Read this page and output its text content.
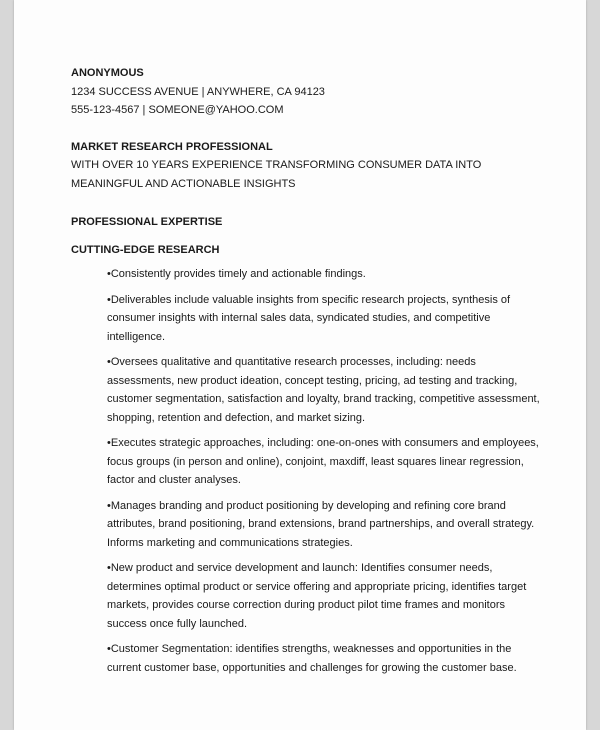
ANONYMOUS

1234 SUCCESS AVENUE | ANYWHERE, CA 94123

555-123-4567 | SOMEONE@YAHOO.COM

MARKET RESEARCH PROFESSIONAL

WITH OVER 10 YEARS EXPERIENCE TRANSFORMING CONSUMER DATA INTO MEANINGFUL AND ACTIONABLE INSIGHTS

PROFESSIONAL EXPERTISE
CUTTING-EDGE RESEARCH
•Consistently provides timely and actionable findings.
•Deliverables include valuable insights from specific research projects, synthesis of consumer insights with internal sales data, syndicated studies, and competitive intelligence.
•Oversees qualitative and quantitative research processes, including: needs assessments, new product ideation, concept testing, pricing, ad testing and tracking, customer segmentation, satisfaction and loyalty, brand tracking, competitive assessment, shopping, retention and defection, and market sizing.
•Executes strategic approaches, including: one-on-ones with consumers and employees, focus groups (in person and online), conjoint, maxdiff, least squares linear regression, factor and cluster analyses.
•Manages branding and product positioning by developing and refining core brand attributes, brand positioning, brand extensions, brand partnerships, and overall strategy. Informs marketing and communications strategies.
•New product and service development and launch: Identifies consumer needs, determines optimal product or service offering and appropriate pricing, identifies target markets, provides course correction during product pilot time frames and monitors success once fully launched.
•Customer Segmentation: identifies strengths, weaknesses and opportunities in the current customer base, opportunities and challenges for growing the customer base.
